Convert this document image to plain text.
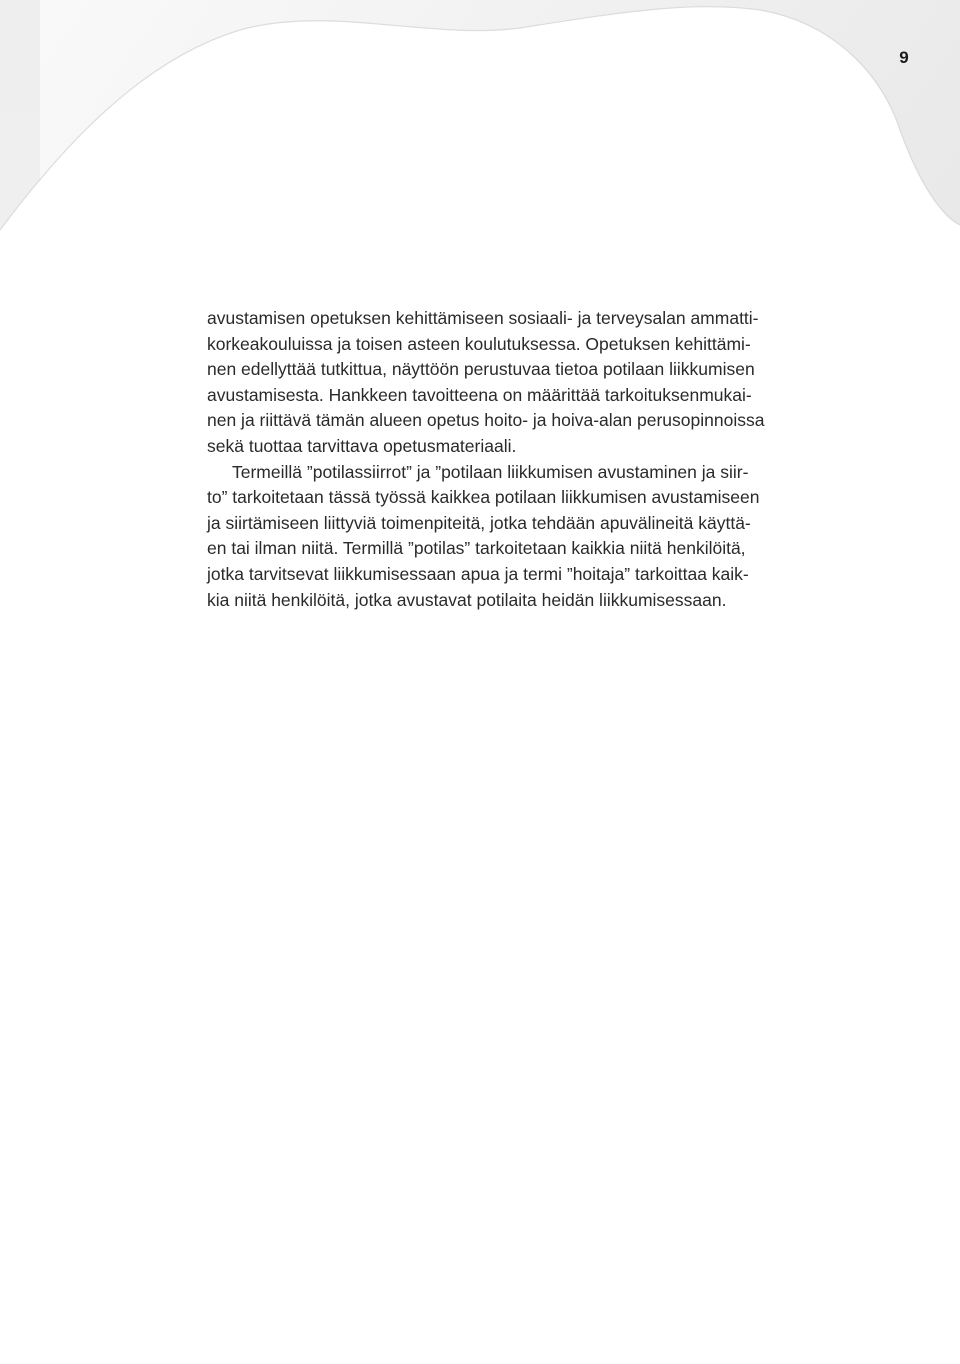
9
avustamisen opetuksen kehittämiseen sosiaali- ja terveysalan ammatti-
korkeakouluissa ja toisen asteen koulutuksessa. Opetuksen kehittämi-
nen edellyttää tutkittua, näyttöön perustuvaa tietoa potilaan liikkumisen
avustamisesta. Hankkeen tavoitteena on määrittää tarkoituksenmukai-
nen ja riittävä tämän alueen opetus hoito- ja hoiva-alan perusopinnoissa
sekä tuottaa tarvittava opetusmateriaali.
Termeillä ”potilassiirrot” ja ”potilaan liikkumisen avustaminen ja siir-
to” tarkoitetaan tässä työssä kaikkea potilaan liikkumisen avustamiseen
ja siirtämiseen liittyviä toimenpiteitä, jotka tehdään apuvälineitä käyttä-
en tai ilman niitä. Termillä ”potilas” tarkoitetaan kaikkia niitä henkilöitä,
jotka tarvitsevat liikkumisessaan apua ja termi ”hoitaja” tarkoittaa kaik-
kia niitä henkilöitä, jotka avustavat potilaita heidän liikkumisessaan.
